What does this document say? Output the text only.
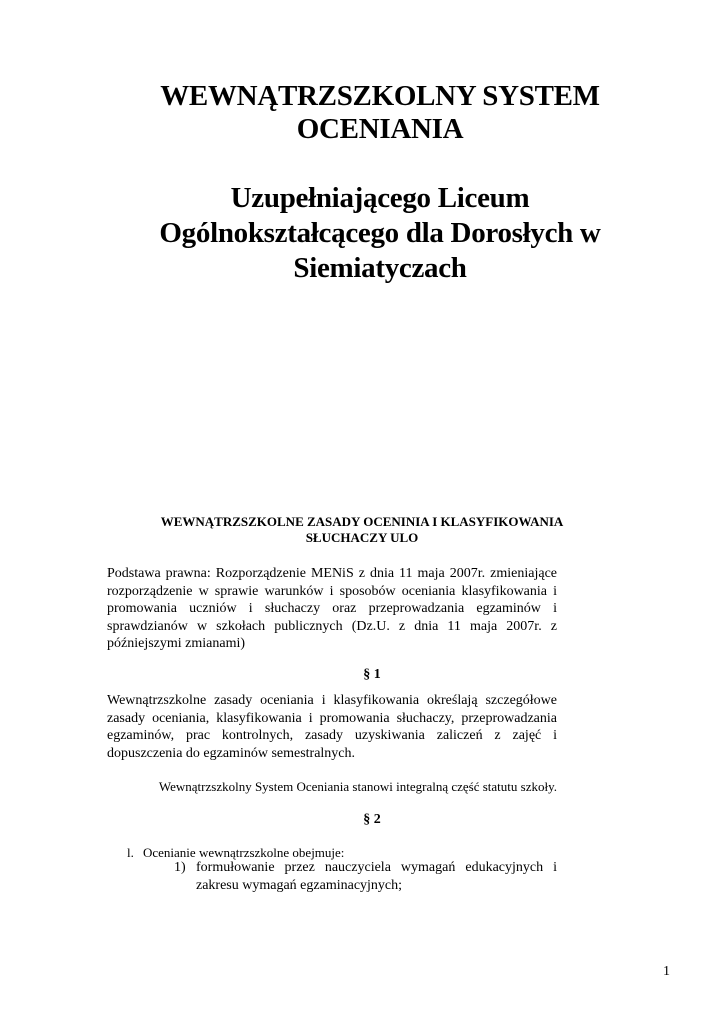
WEWNĄTRZSZKOLNY SYSTEM
OCENIANIA
Uzupełniającego Liceum
Ogólnokształcącego dla Dorosłych w
Siemiatyczach
WEWNĄTRZSZKOLNE ZASADY OCENINIA I KLASYFIKOWANIA
SŁUCHACZY ULO

Podstawa prawna: Rozporządzenie MENiS z dnia 11 maja 2007r. zmieniające rozporządzenie w sprawie warunków i sposobów oceniania klasyfikowania i promowania uczniów i słuchaczy oraz przeprowadzania egzaminów i sprawdzianów w szkołach publicznych (Dz.U. z dnia 11 maja 2007r. z późniejszymi zmianami)

§ 1

Wewnątrzszkolne zasady oceniania i klasyfikowania określają szczegółowe zasady oceniania, klasyfikowania i promowania słuchaczy, przeprowadzania egzaminów, prac kontrolnych, zasady uzyskiwania zaliczeń z zajęć i dopuszczenia do egzaminów semestralnych.

Wewnątrzszkolny System Oceniania stanowi integralną część statutu szkoły.

§ 2

l. Ocenianie wewnątrzszkolne obejmuje:
1) formułowanie przez nauczyciela wymagań edukacyjnych i zakresu wymagań egzaminacyjnych;

1
